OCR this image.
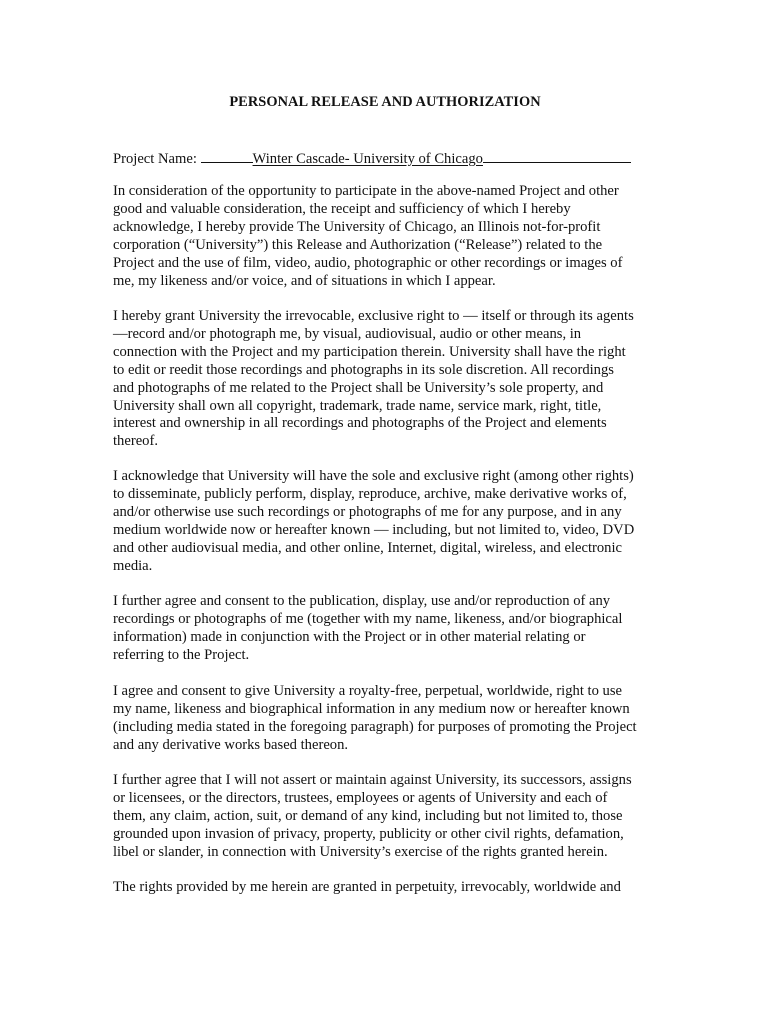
PERSONAL RELEASE AND AUTHORIZATION
Project Name:	Winter Cascade- University of Chicago

In consideration of the opportunity to participate in the above-named Project and other
good and valuable consideration, the receipt and sufficiency of which I hereby
acknowledge, I hereby provide The University of Chicago, an Illinois not-for-profit
corporation (“University”) this Release and Authorization (“Release”) related to the
Project and the use of film, video, audio, photographic or other recordings or images of
me, my likeness and/or voice, and of situations in which I appear.

I hereby grant University the irrevocable, exclusive right to — itself or through its agents
—record and/or photograph me, by visual, audiovisual, audio or other means, in
connection with the Project and my participation therein. University shall have the right
to edit or reedit those recordings and photographs in its sole discretion. All recordings
and photographs of me related to the Project shall be University’s sole property, and
University shall own all copyright, trademark, trade name, service mark, right, title,
interest and ownership in all recordings and photographs of the Project and elements
thereof.

I acknowledge that University will have the sole and exclusive right (among other rights)
to disseminate, publicly perform, display, reproduce, archive, make derivative works of,
and/or otherwise use such recordings or photographs of me for any purpose, and in any
medium worldwide now or hereafter known — including, but not limited to, video, DVD
and other audiovisual media, and other online, Internet, digital, wireless, and electronic
media.

I further agree and consent to the publication, display, use and/or reproduction of any
recordings or photographs of me (together with my name, likeness, and/or biographical
information) made in conjunction with the Project or in other material relating or
referring to the Project.

I agree and consent to give University a royalty-free, perpetual, worldwide, right to use
my name, likeness and biographical information in any medium now or hereafter known
(including media stated in the foregoing paragraph) for purposes of promoting the Project
and any derivative works based thereon.

I further agree that I will not assert or maintain against University, its successors, assigns
or licensees, or the directors, trustees, employees or agents of University and each of
them, any claim, action, suit, or demand of any kind, including but not limited to, those
grounded upon invasion of privacy, property, publicity or other civil rights, defamation,
libel or slander, in connection with University’s exercise of the rights granted herein.

The rights provided by me herein are granted in perpetuity, irrevocably, worldwide and
